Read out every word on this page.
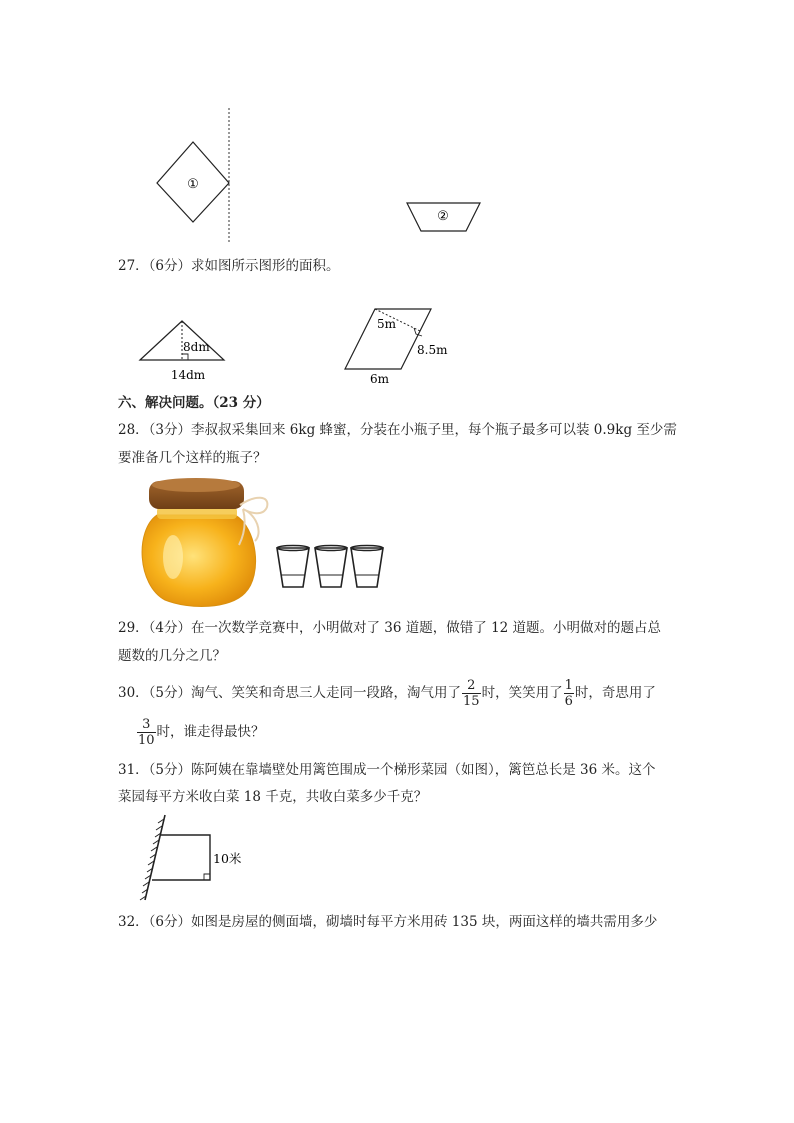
①
②
27．（6分）求如图所示图形的面积。
8dm
14dm
5m
8.5m
6m
六、解决问题。（23 分）
28．（3分）李叔叔采集回来 6kg 蜂蜜，分装在小瓶子里，每个瓶子最多可以装 0.9kg 至少需
要准备几个这样的瓶子？
29．（4分）在一次数学竞赛中，小明做对了 36 道题，做错了 12 道题。小明做对的题占总
题数的几分之几？
30．（5分）淘气、笑笑和奇思三人走同一段路，淘气用了 $\frac{2}{15}$ 时，笑笑用了 $\frac{1}{6}$ 时，奇思用了
$\frac{3}{10}$ 时，谁走得最快？
31．（5分）陈阿姨在靠墙壁处用篱笆围成一个梯形菜园（如图），篱笆总长是 36 米。这个
菜园每平方米收白菜 18 千克，共收白菜多少千克？
10米
32．（6分）如图是房屋的侧面墙，砌墙时每平方米用砖 135 块，两面这样的墙共需用多少
